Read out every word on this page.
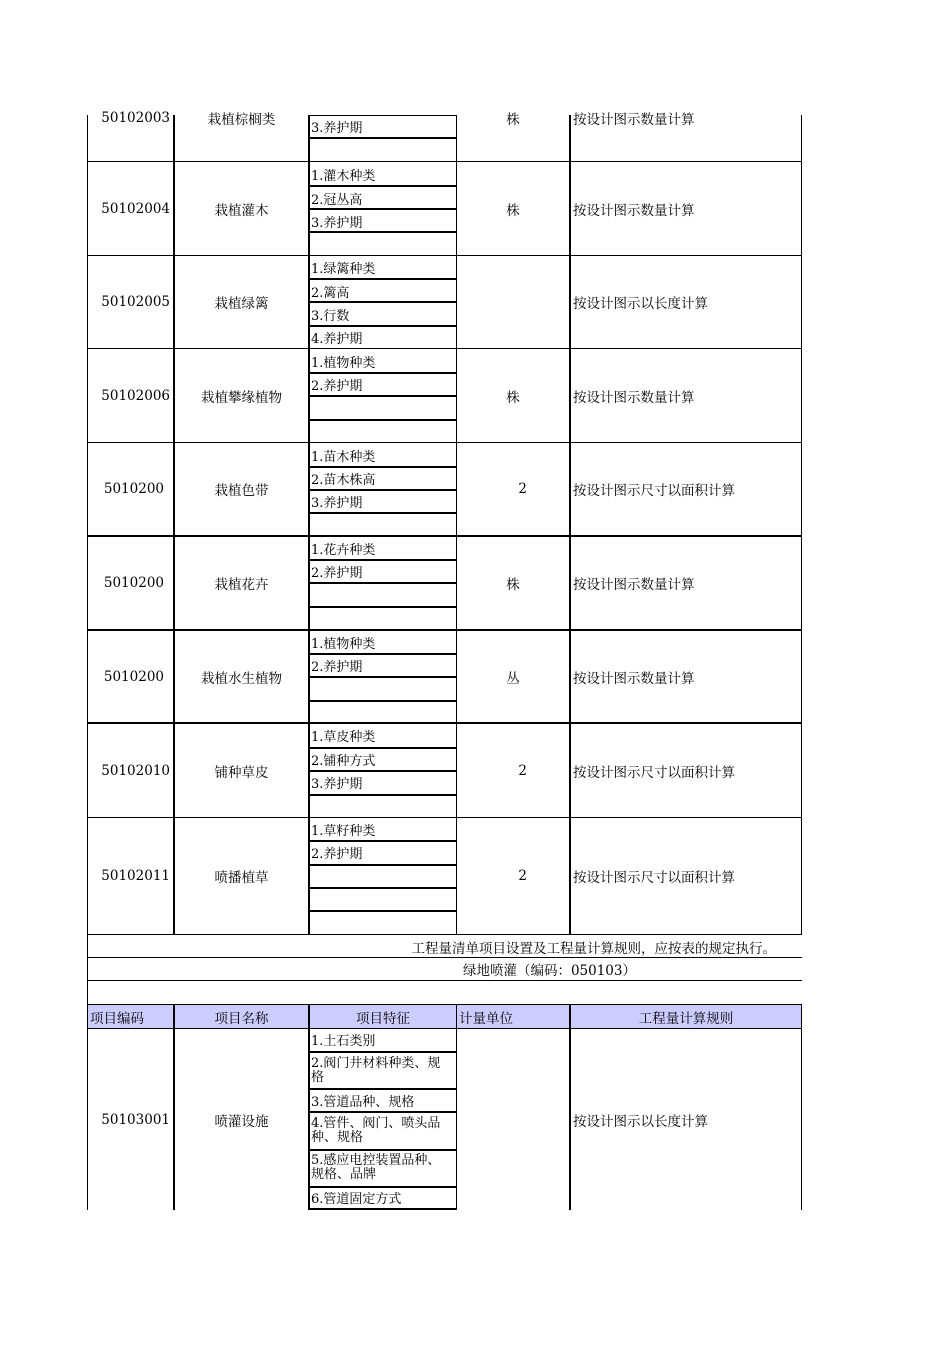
50102003	栽植棕榈类
3.养护期
株	按设计图示数量计算
50102004	栽植灌木
1.灌木种类
2.冠丛高
3.养护期
株	按设计图示数量计算
50102005	栽植绿篱
1.绿篱种类
2.篱高
3.行数
4.养护期
按设计图示以长度计算
50102006	栽植攀缘植物
1.植物种类
2.养护期
株	按设计图示数量计算
5010200	栽植色带
1.苗木种类
2.苗木株高
3.养护期
2	按设计图示尺寸以面积计算
5010200	栽植花卉
1.花卉种类
2.养护期
株	按设计图示数量计算
5010200	栽植水生植物
1.植物种类
2.养护期
丛	按设计图示数量计算
50102010	铺种草皮
1.草皮种类
2.铺种方式
3.养护期
2	按设计图示尺寸以面积计算
50102011	喷播植草
1.草籽种类
2.养护期
2	按设计图示尺寸以面积计算
工程量清单项目设置及工程量计算规则，应按表的规定执行。
绿地喷灌（编码：050103）
项目编码	项目名称	项目特征	计量单位	工程量计算规则
50103001	喷灌设施
1.土石类别
2.阀门井材料种类、规格
3.管道品种、规格
4.管件、阀门、喷头品种、规格
5.感应电控装置品种、规格、品牌
6.管道固定方式
按设计图示以长度计算
